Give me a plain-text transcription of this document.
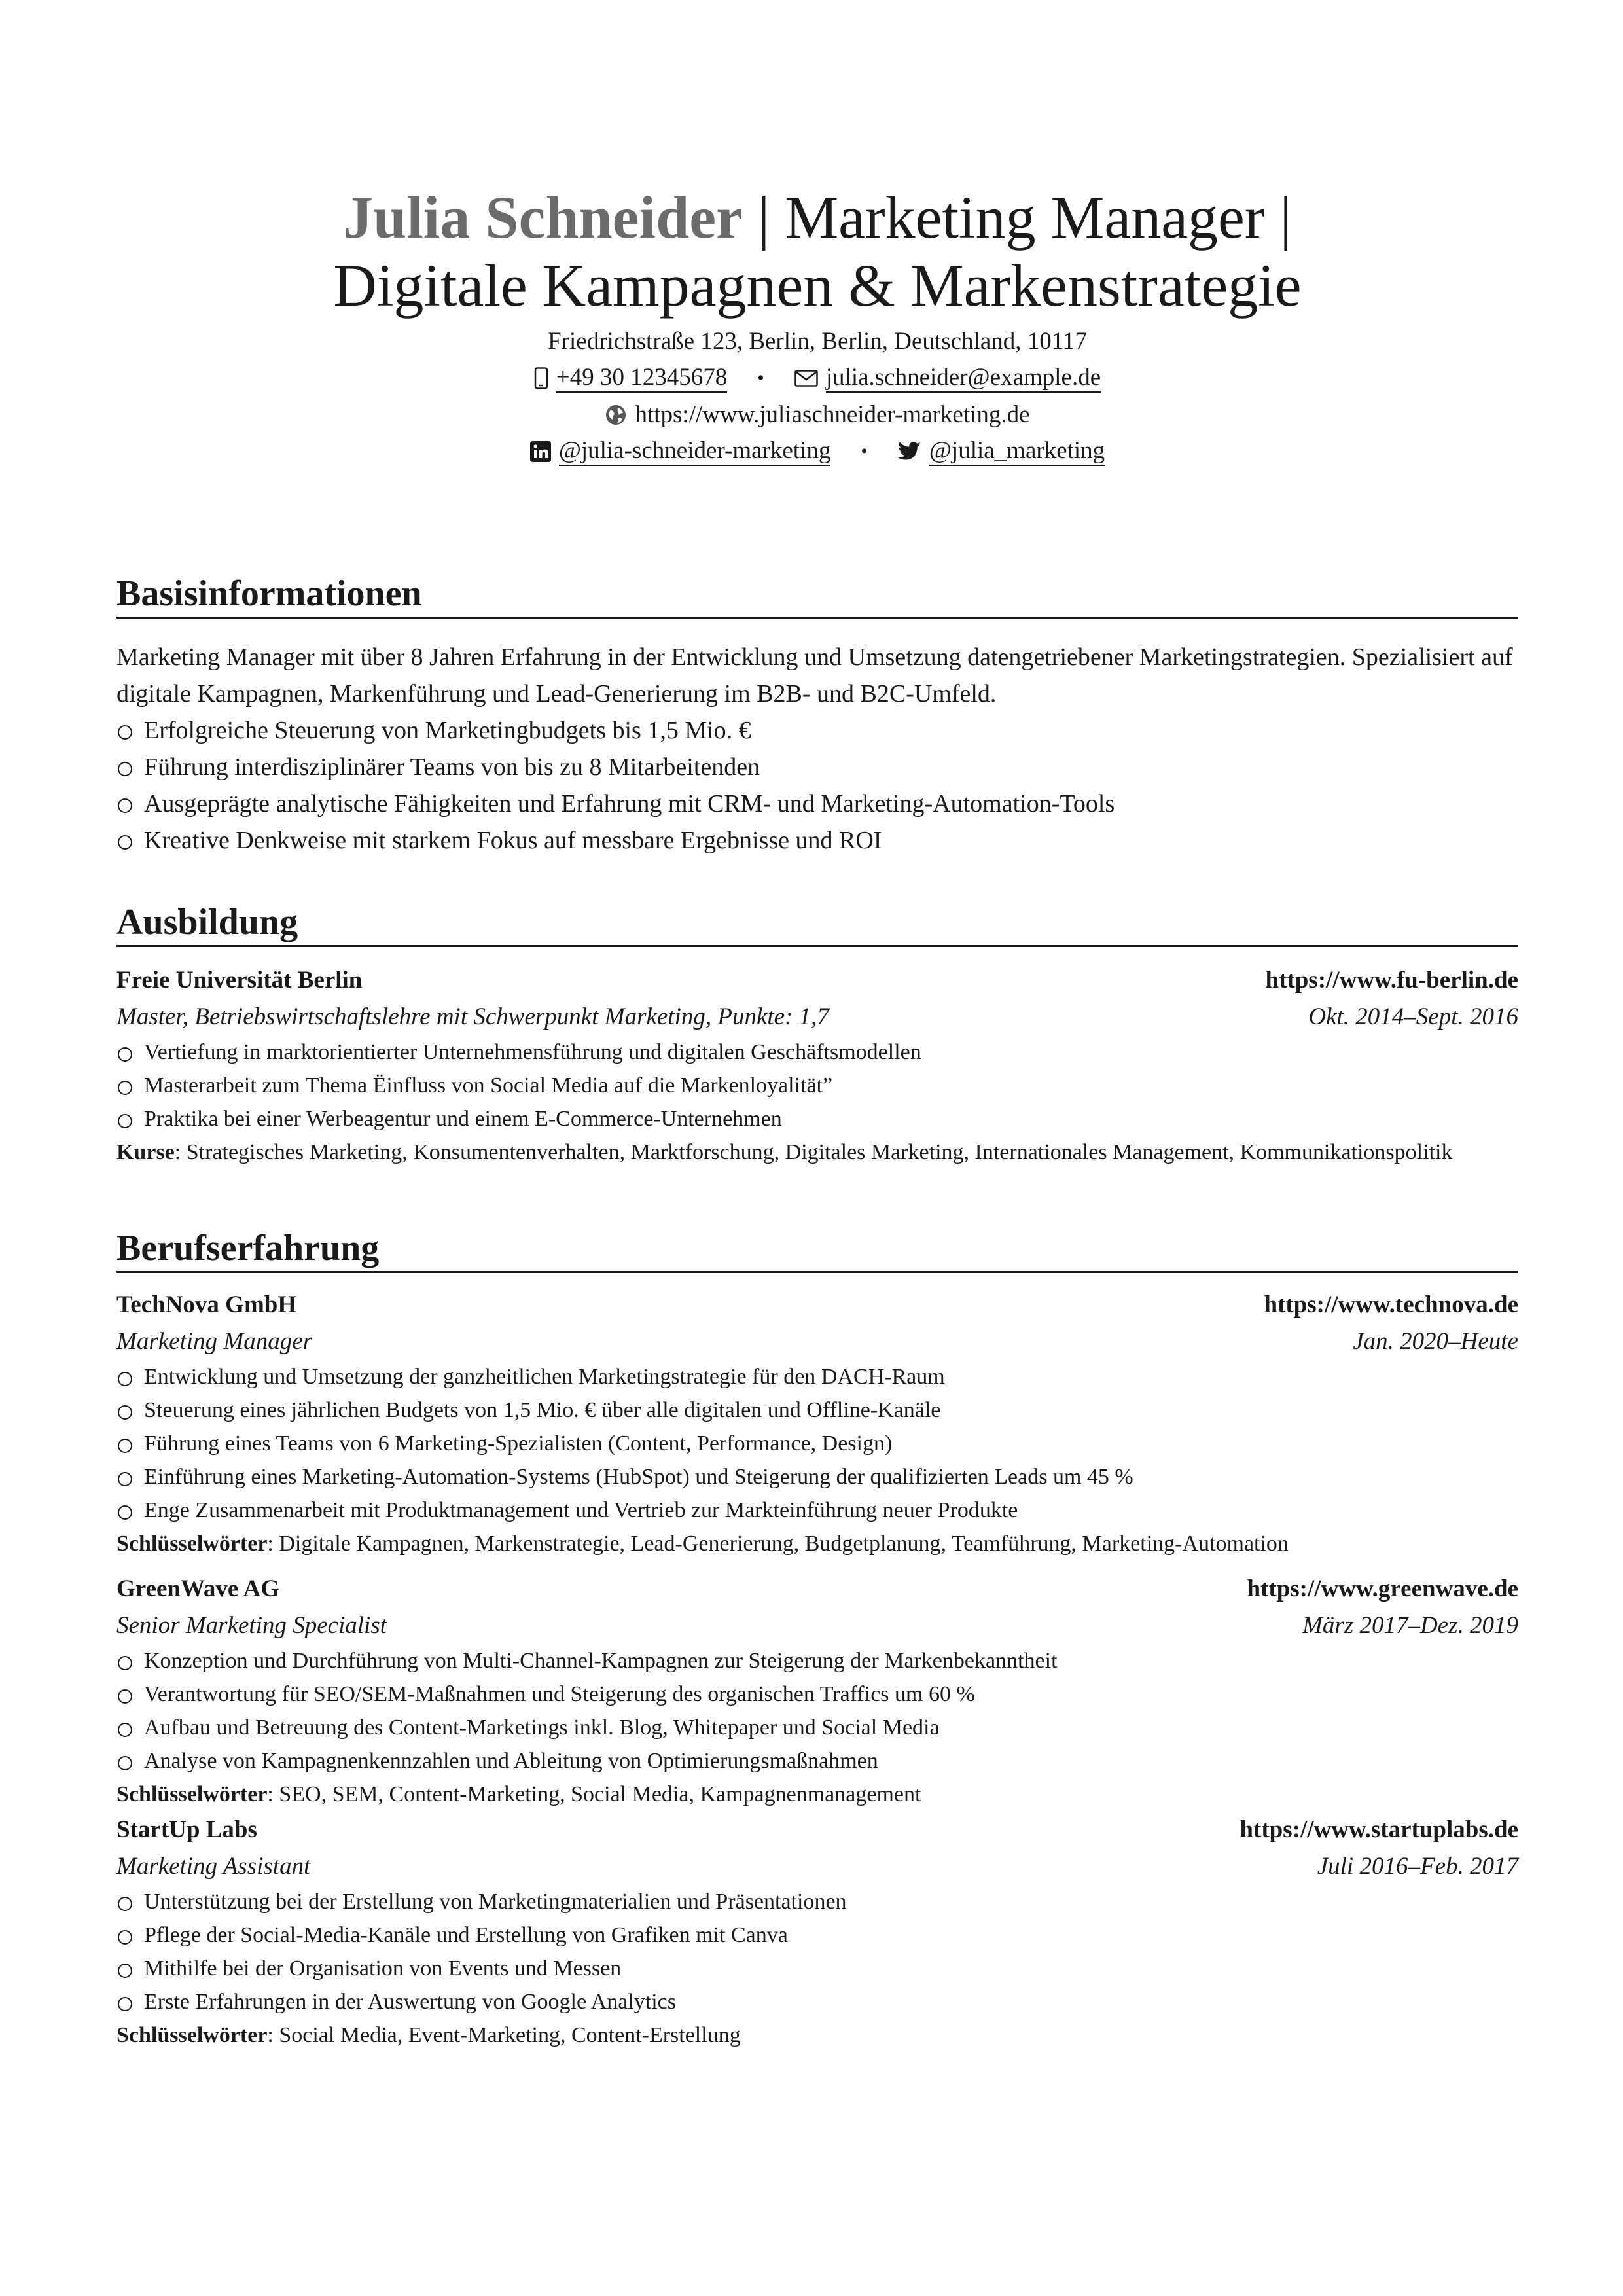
Julia Schneider | Marketing Manager |
Digitale Kampagnen & Markenstrategie
Friedrichstraße 123, Berlin, Berlin, Deutschland, 10117
+49 30 12345678 •	julia.schneider@example.de
https://www.juliaschneider-marketing.de
@julia-schneider-marketing •	@julia_marketing
Basisinformationen

Marketing Manager mit über 8 Jahren Erfahrung in der Entwicklung und Umsetzung datengetriebener Marketingstrategien. Spezialisiert auf digitale Kampagnen, Markenführung und Lead-Generierung im B2B- und B2C-Umfeld.

Erfolgreiche Steuerung von Marketingbudgets bis 1,5 Mio. €
Führung interdisziplinärer Teams von bis zu 8 Mitarbeitenden
Ausgeprägte analytische Fähigkeiten und Erfahrung mit CRM- und Marketing-Automation-Tools
Kreative Denkweise mit starkem Fokus auf messbare Ergebnisse und ROI
Ausbildung
Freie Universität Berlin	https://www.fu-berlin.de
Master, Betriebswirtschaftslehre mit Schwerpunkt Marketing, Punkte: 1,7	Okt. 2014–Sept. 2016
Vertiefung in marktorientierter Unternehmensführung und digitalen Geschäftsmodellen
Masterarbeit zum Thema Ëinfluss von Social Media auf die Markenloyalität”
Praktika bei einer Werbeagentur und einem E-Commerce-Unternehmen
Kurse: Strategisches Marketing, Konsumentenverhalten, Marktforschung, Digitales Marketing, Internationales Management, Kommunikationspolitik
Berufserfahrung
TechNova GmbH	https://www.technova.de
Marketing Manager	Jan. 2020–Heute
Entwicklung und Umsetzung der ganzheitlichen Marketingstrategie für den DACH-Raum
Steuerung eines jährlichen Budgets von 1,5 Mio. € über alle digitalen und Offline-Kanäle
Führung eines Teams von 6 Marketing-Spezialisten (Content, Performance, Design)
Einführung eines Marketing-Automation-Systems (HubSpot) und Steigerung der qualifizierten Leads um 45 %
Enge Zusammenarbeit mit Produktmanagement und Vertrieb zur Markteinführung neuer Produkte
Schlüsselwörter: Digitale Kampagnen, Markenstrategie, Lead-Generierung, Budgetplanung, Teamführung, Marketing-Automation
GreenWave AG	https://www.greenwave.de
Senior Marketing Specialist	März 2017–Dez. 2019
Konzeption und Durchführung von Multi-Channel-Kampagnen zur Steigerung der Markenbekanntheit
Verantwortung für SEO/SEM-Maßnahmen und Steigerung des organischen Traffics um 60 %
Aufbau und Betreuung des Content-Marketings inkl. Blog, Whitepaper und Social Media
Analyse von Kampagnenkennzahlen und Ableitung von Optimierungsmaßnahmen
Schlüsselwörter: SEO, SEM, Content-Marketing, Social Media, Kampagnenmanagement
StartUp Labs	https://www.startuplabs.de
Marketing Assistant	Juli 2016–Feb. 2017
Unterstützung bei der Erstellung von Marketingmaterialien und Präsentationen
Pflege der Social-Media-Kanäle und Erstellung von Grafiken mit Canva
Mithilfe bei der Organisation von Events und Messen
Erste Erfahrungen in der Auswertung von Google Analytics
Schlüsselwörter: Social Media, Event-Marketing, Content-Erstellung
